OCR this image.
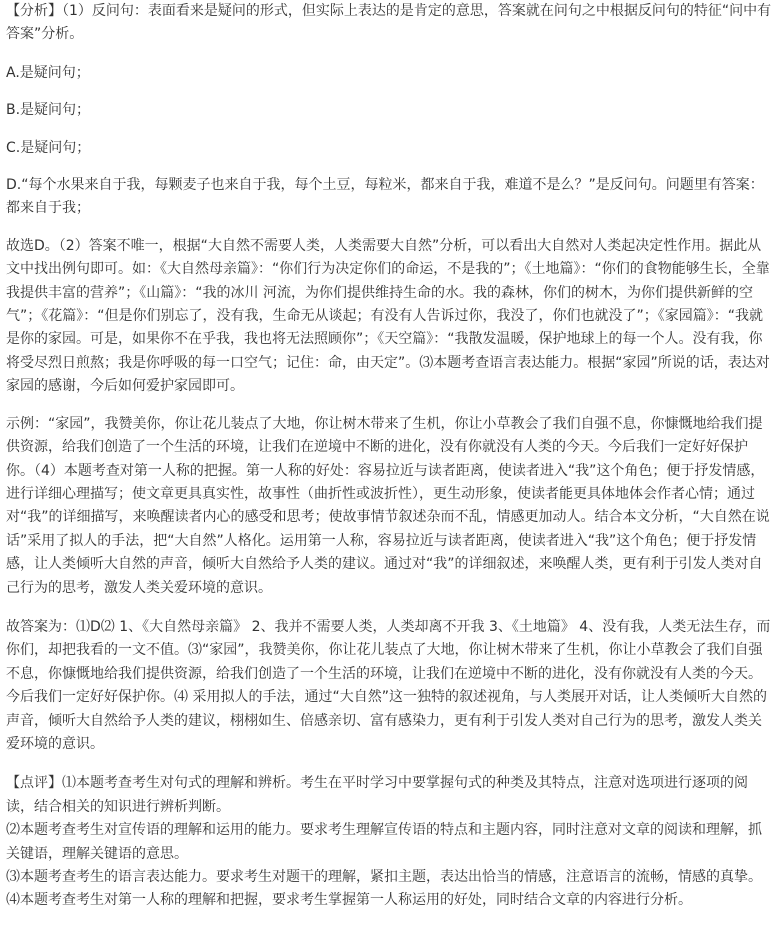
【分析】（1）反问句：表面看来是疑问的形式，但实际上表达的是肯定的意思，答案就在问句之中根据反问句的特征“问中有答案”分析。

A.是疑问句；

B.是疑问句；

C.是疑问句；

D.“每个水果来自于我，每颗麦子也来自于我，每个土豆，每粒米，都来自于我，难道不是么？”是反问句。问题里有答案：都来自于我；

故选D。（2）答案不唯一，根据“大自然不需要人类，人类需要大自然”分析，可以看出大自然对人类起决定性作用。据此从文中找出例句即可。如：《大自然母亲篇》：“你们行为决定你们的命运，不是我的”；《土地篇》：“你们的食物能够生长，全靠我提供丰富的营养”；《山篇》：“我的冰川 河流，为你们提供维持生命的水。我的森林，你们的树木，为你们提供新鲜的空气”；《花篇》：“但是你们别忘了，没有我，生命无从谈起；有没有人告诉过你，我没了，你们也就没了”；《家园篇》：“我就是你的家园。可是，如果你不在乎我，我也将无法照顾你”；《天空篇》：“我散发温暖，保护地球上的每一个人。没有我，你将受尽烈日煎熬；我是你呼吸的每一口空气；记住：命，由天定”。⑶本题考查语言表达能力。根据“家园”所说的话，表达对家园的感谢，今后如何爱护家园即可。

示例：“家园”，我赞美你，你让花儿装点了大地，你让树木带来了生机，你让小草教会了我们自强不息，你慷慨地给我们提供资源，给我们创造了一个生活的环境，让我们在逆境中不断的进化，没有你就没有人类的今天。今后我们一定好好保护你。（4）本题考查对第一人称的把握。第一人称的好处：容易拉近与读者距离，使读者进入“我”这个角色；便于抒发情感，进行详细心理描写；使文章更具真实性，故事性（曲折性或波折性），更生动形象，使读者能更具体地体会作者心情；通过对“我”的详细描写，来唤醒读者内心的感受和思考；使故事情节叙述杂而不乱，情感更加动人。结合本文分析，“大自然在说话”采用了拟人的手法，把“大自然”人格化。运用第一人称，容易拉近与读者距离，使读者进入“我”这个角色；便于抒发情感，让人类倾听大自然的声音，倾听大自然给予人类的建议。通过对“我”的详细叙述，来唤醒人类，更有利于引发人类对自己行为的思考，激发人类关爱环境的意识。

故答案为：⑴D⑵ 1、《大自然母亲篇》 2、我并不需要人类，人类却离不开我 3、《土地篇》 4、没有我，人类无法生存，而你们，却把我看的一文不值。⑶“家园”，我赞美你，你让花儿装点了大地，你让树木带来了生机，你让小草教会了我们自强不息，你慷慨地给我们提供资源，给我们创造了一个生活的环境，让我们在逆境中不断的进化，没有你就没有人类的今天。今后我们一定好好保护你。⑷ 采用拟人的手法，通过“大自然”这一独特的叙述视角，与人类展开对话，让人类倾听大自然的声音，倾听大自然给予人类的建议，栩栩如生、倍感亲切、富有感染力，更有利于引发人类对自己行为的思考，激发人类关爱环境的意识。

【点评】⑴本题考查考生对句式的理解和辨析。考生在平时学习中要掌握句式的种类及其特点，注意对选项进行逐项的阅读，结合相关的知识进行辨析判断。

⑵本题考查考生对宣传语的理解和运用的能力。要求考生理解宣传语的特点和主题内容，同时注意对文章的阅读和理解，抓关键语，理解关键语的意思。

⑶本题考查考生的语言表达能力。要求考生对题干的理解，紧扣主题，表达出恰当的情感，注意语言的流畅，情感的真挚。

⑷本题考查考生对第一人称的理解和把握，要求考生掌握第一人称运用的好处，同时结合文章的内容进行分析。
